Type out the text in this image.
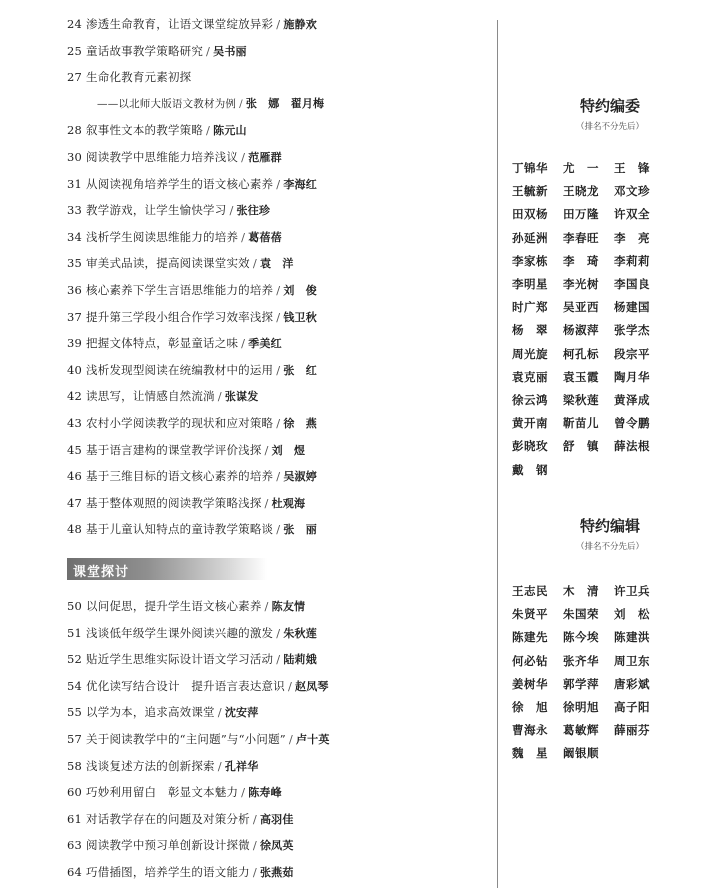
24 渗透生命教育，让语文课堂绽放异彩 / 施静欢
25 童话故事教学策略研究 / 吴书丽
27 生命化教育元素初探
——以北师大版语文教材为例 / 张　娜　翟月梅
28 叙事性文本的教学策略 / 陈元山
30 阅读教学中思维能力培养浅议 / 范雁群
31 从阅读视角培养学生的语文核心素养 / 李海红
33 教学游戏，让学生愉快学习 / 张往珍
34 浅析学生阅读思维能力的培养 / 葛蓓蓓
35 审美式品读，提高阅读课堂实效 / 袁　洋
36 核心素养下学生言语思维能力的培养 / 刘　俊
37 提升第三学段小组合作学习效率浅探 / 钱卫秋
39 把握文体特点，彰显童话之味 / 季美红
40 浅析发现型阅读在统编教材中的运用 / 张　红
42 读思写，让情感自然流淌 / 张谋发
43 农村小学阅读教学的现状和应对策略 / 徐　燕
45 基于语言建构的课堂教学评价浅探 / 刘　煜
46 基于三维目标的语文核心素养的培养 / 吴淑婷
47 基于整体观照的阅读教学策略浅探 / 杜观海
48 基于儿童认知特点的童诗教学策略谈 / 张　丽
50 以问促思，提升学生语文核心素养 / 陈友情
51 浅谈低年级学生课外阅读兴趣的激发 / 朱秋莲
52 贴近学生思维实际设计语文学习活动 / 陆莉娥
54 优化读写结合设计　提升语言表达意识 / 赵凤琴
55 以学为本，追求高效课堂 / 沈安萍
57 关于阅读教学中的“主问题”与“小问题” / 卢十英
58 浅谈复述方法的创新探索 / 孔祥华
60 巧妙利用留白　彰显文本魅力 / 陈寿峰
61 对话教学存在的问题及对策分析 / 高羽佳
63 阅读教学中预习单创新设计探微 / 徐凤英
64 巧借插图，培养学生的语文能力 / 张燕茹
课堂探讨
特约编委
（排名不分先后）
丁锦华	尤　一	王　锋
王毓新	王晓龙	邓文珍
田双杨	田万隆	许双全
孙延洲	李春旺	李　亮
李家栋	李　琦	李莉莉
李明星	李光树	李国良
时广郑	吴亚西	杨建国
杨　翠	杨淑萍	张学杰
周光旋	柯孔标	段宗平
袁克丽	袁玉霞	陶月华
徐云鸿	梁秋莲	黄泽成
黄开南	靳苗儿	曾令鹏
彭晓玫	舒　镇	薛法根
戴　钢
特约编辑
（排名不分先后）
王志民	木　清	许卫兵
朱贤平	朱国荣	刘　松
陈建先	陈今埃	陈建洪
何必钻	张齐华	周卫东
姜树华	郭学萍	唐彩斌
徐　旭	徐明旭	高子阳
曹海永	葛敏辉	薛丽芬
魏　星	阚银顺
